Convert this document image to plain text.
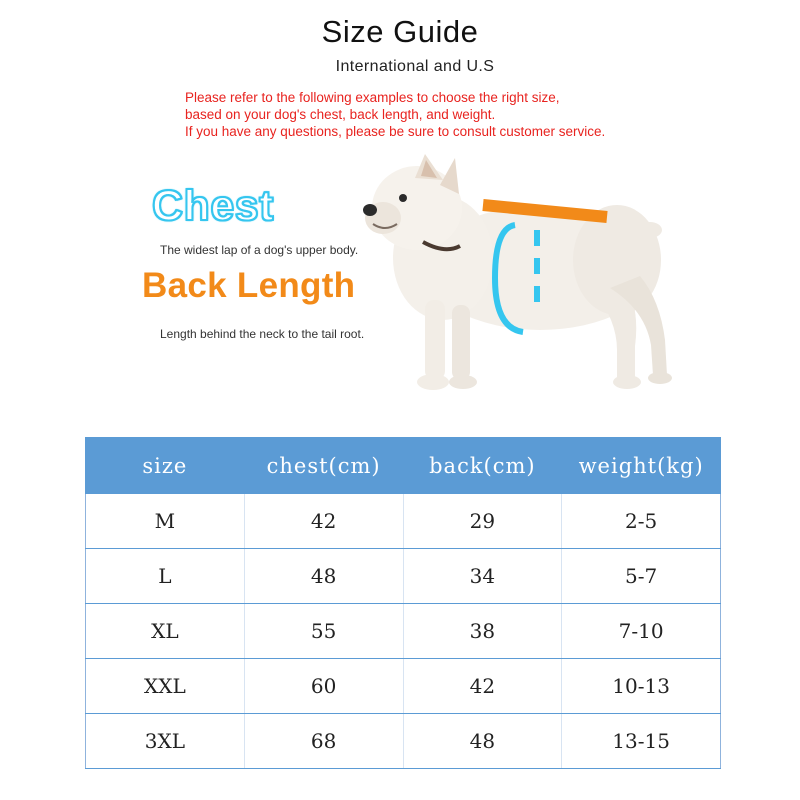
Size Guide
International and U.S
Please refer to the following examples to choose the right size,
based on your dog's chest, back length, and weight.
If you have any questions, please be sure to consult customer service.
Chest
The widest lap of a dog's upper body.
Back Length
Length behind the neck to the tail root.
size	chest(cm)	back(cm)	weight(kg)
M	42	29	2-5
L	48	34	5-7
XL	55	38	7-10
XXL	60	42	10-13
3XL	68	48	13-15
